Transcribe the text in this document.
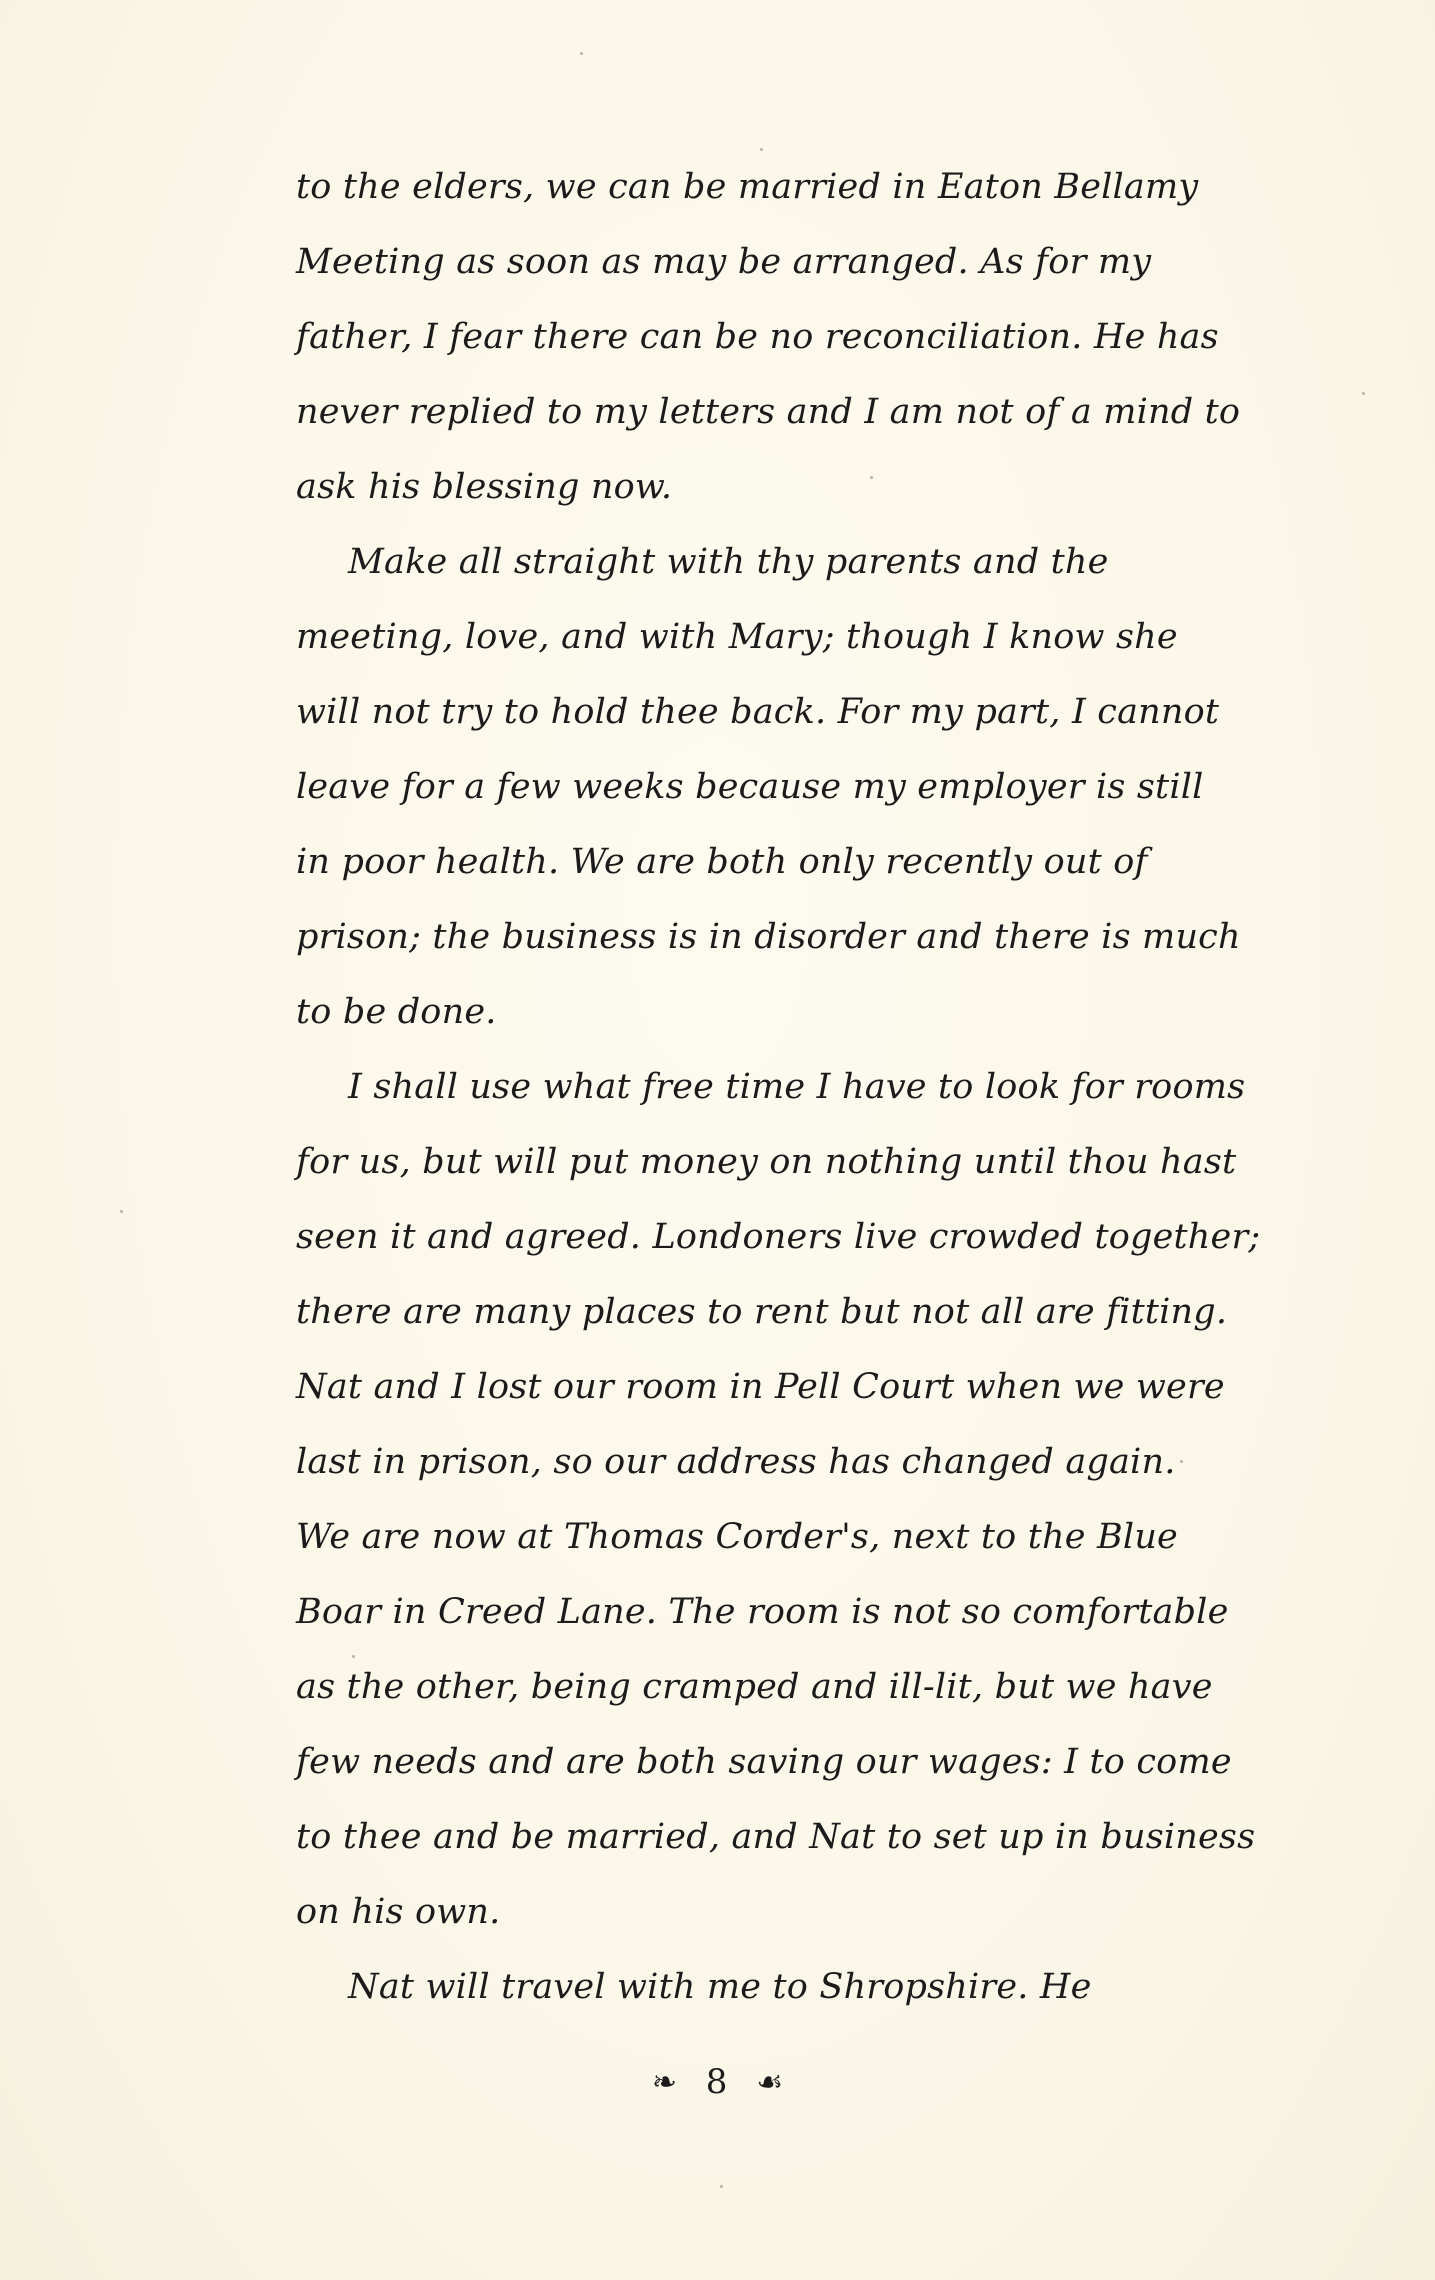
to the elders, we can be married in Eaton Bellamy
Meeting as soon as may be arranged. As for my
father, I fear there can be no reconciliation. He has
never replied to my letters and I am not of a mind to
ask his blessing now.
Make all straight with thy parents and the
meeting, love, and with Mary; though I know she
will not try to hold thee back. For my part, I cannot
leave for a few weeks because my employer is still
in poor health. We are both only recently out of
prison; the business is in disorder and there is much
to be done.
I shall use what free time I have to look for rooms
for us, but will put money on nothing until thou hast
seen it and agreed. Londoners live crowded together;
there are many places to rent but not all are fitting.
Nat and I lost our room in Pell Court when we were
last in prison, so our address has changed again.
We are now at Thomas Corder's, next to the Blue
Boar in Creed Lane. The room is not so comfortable
as the other, being cramped and ill-lit, but we have
few needs and are both saving our wages: I to come
to thee and be married, and Nat to set up in business
on his own.
Nat will travel with me to Shropshire. He
❧ 8 ☙
